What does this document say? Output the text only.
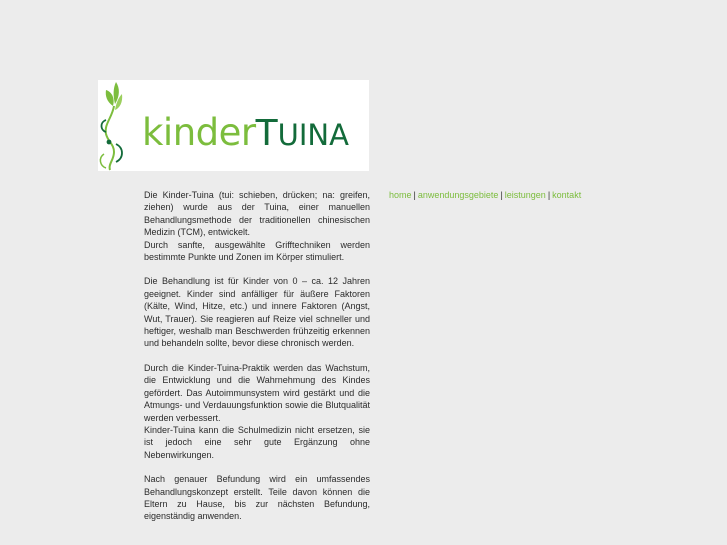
kinderTUINA
home | anwendungsgebiete | leistungen | kontakt

Die Kinder-Tuina (tui: schieben, drücken; na: greifen, ziehen) wurde aus der Tuina, einer manuellen Behandlungsmethode der traditionellen chinesischen Medizin (TCM), entwickelt.
Durch sanfte, ausgewählte Grifftechniken werden bestimmte Punkte und Zonen im Körper stimuliert.

Die Behandlung ist für Kinder von 0 – ca. 12 Jahren geeignet. Kinder sind anfälliger für äußere Faktoren (Kälte, Wind, Hitze, etc.) und innere Faktoren (Angst, Wut, Trauer). Sie reagieren auf Reize viel schneller und heftiger, weshalb man Beschwerden frühzeitig erkennen und behandeln sollte, bevor diese chronisch werden.

Durch die Kinder-Tuina-Praktik werden das Wachstum, die Entwicklung und die Wahrnehmung des Kindes gefördert. Das Autoimmunsystem wird gestärkt und die Atmungs- und Verdauungsfunktion sowie die Blutqualität werden verbessert.
Kinder-Tuina kann die Schulmedizin nicht ersetzen, sie ist jedoch eine sehr gute Ergänzung ohne Nebenwirkungen.

Nach genauer Befundung wird ein umfassendes Behandlungskonzept erstellt. Teile davon können die Eltern zu Hause, bis zur nächsten Befundung, eigenständig anwenden.
